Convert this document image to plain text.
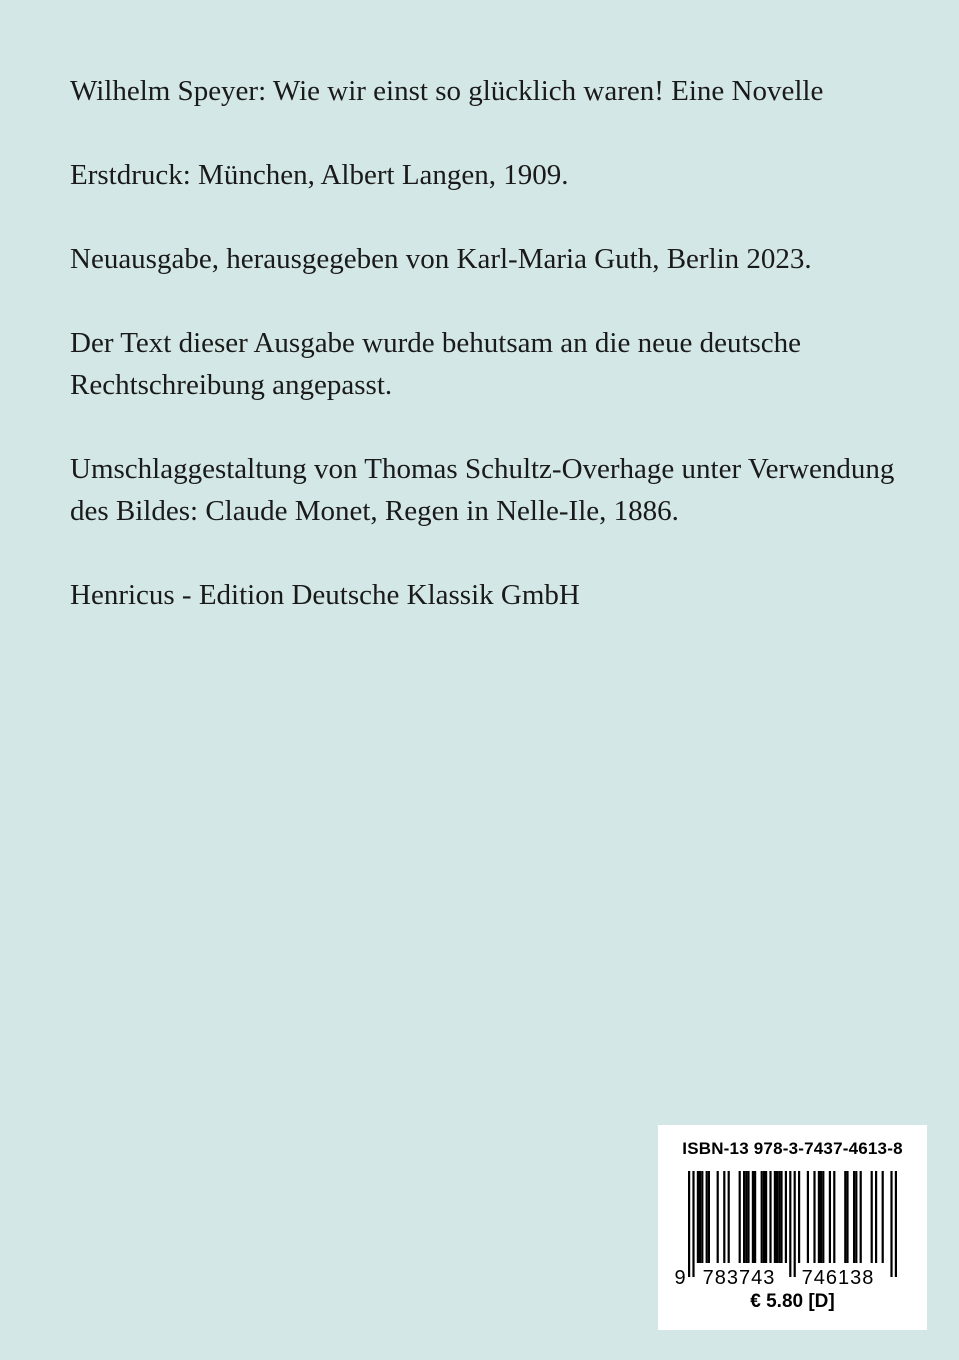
Wilhelm Speyer: Wie wir einst so glücklich waren! Eine Novelle

Erstdruck: München, Albert Langen, 1909.

Neuausgabe, herausgegeben von Karl-Maria Guth, Berlin 2023.

Der Text dieser Ausgabe wurde behutsam an die neue deutsche Rechtschreibung angepasst.

Umschlaggestaltung von Thomas Schultz-Overhage unter Verwendung des Bildes: Claude Monet, Regen in Nelle-Ile, 1886.

Henricus - Edition Deutsche Klassik GmbH

ISBN-13 978-3-7437-4613-8
9 783743 746138
€ 5.80 [D]
